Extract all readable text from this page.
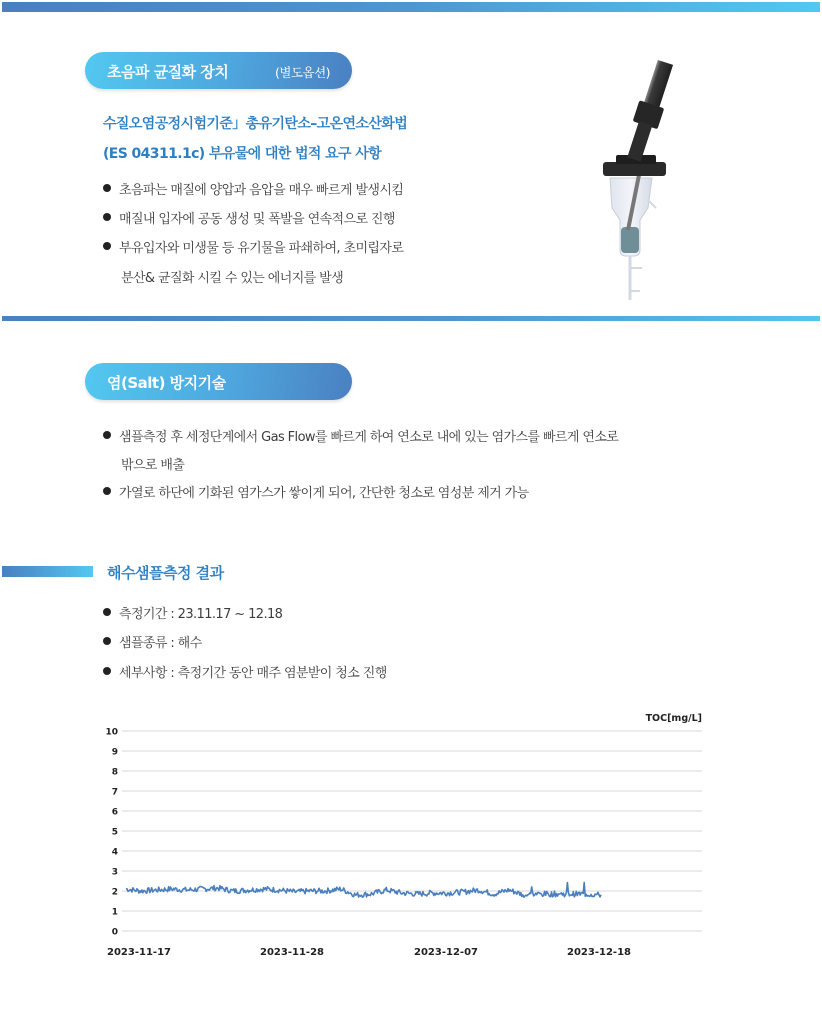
초음파 균질화 장치	(별도옵션)
수질오염공정시험기준」총유기탄소–고온연소산화법
(ES 04311.1c) 부유물에 대한 법적 요구 사항
초음파는 매질에 양압과 음압을 매우 빠르게 발생시킴
매질내 입자에 공동 생성 및 폭발을 연속적으로 진행
부유입자와 미생물 등 유기물을 파쇄하여, 초미립자로
분산& 균질화 시킬 수 있는 에너지를 발생
염(Salt) 방지기술
샘플측정 후 세정단계에서 Gas Flow를 빠르게 하여 연소로 내에 있는 염가스를 빠르게 연소로
밖으로 배출
가열로 하단에 기화된 염가스가 쌓이게 되어, 간단한 청소로 염성분 제거 가능
해수샘플측정 결과
측정기간 : 23.11.17 ~ 12.18
샘플종류 : 해수
세부사항 : 측정기간 동안 매주 염분받이 청소 진행
0
1
2
3
4
5
6
7
8
9
10
2023-11-17	2023-11-28	2023-12-07	2023-12-18
TOC[mg/L]
